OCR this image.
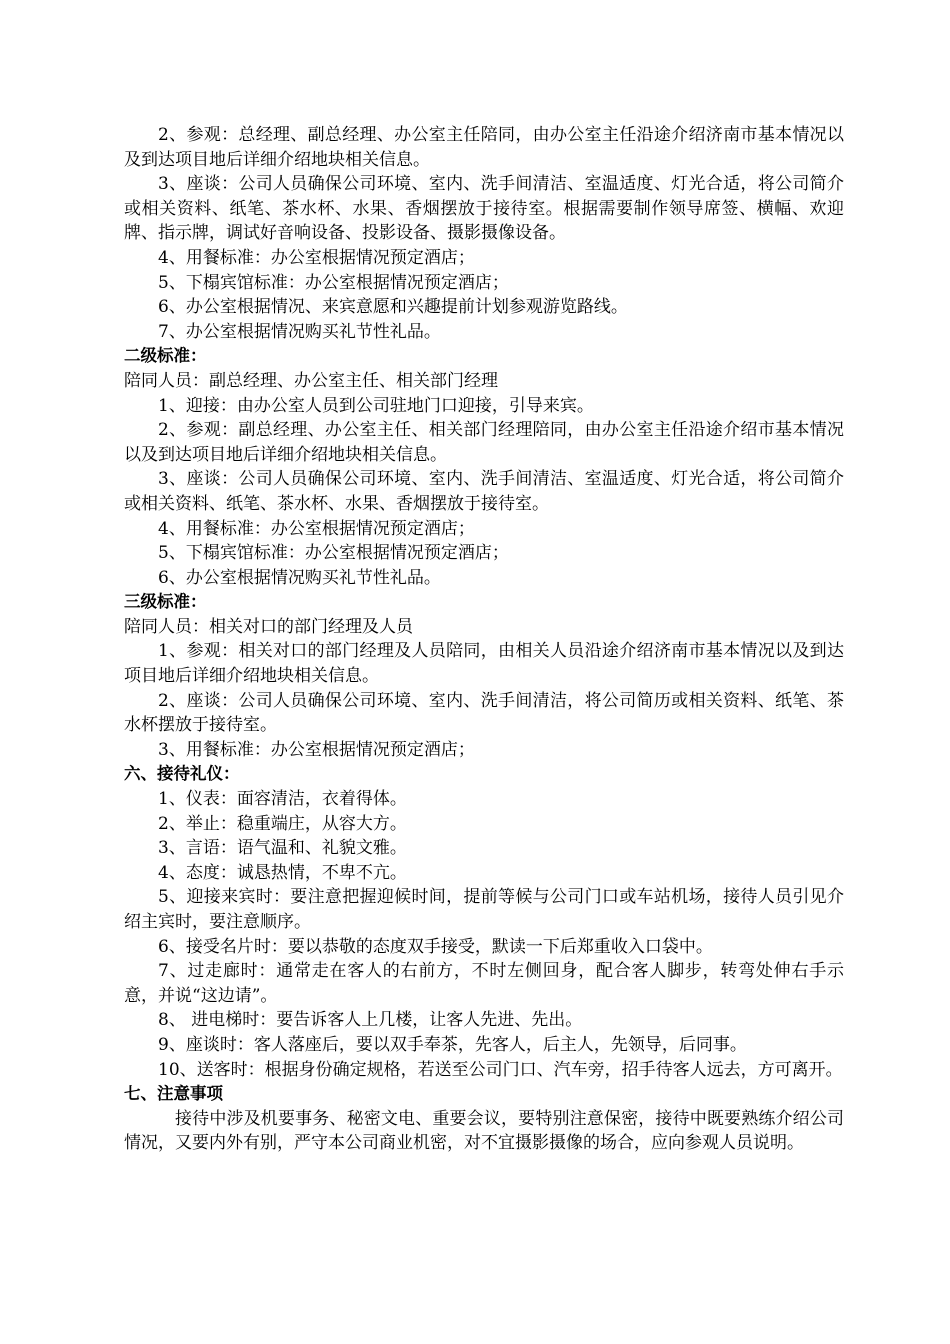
2、参观：总经理、副总经理、办公室主任陪同，由办公室主任沿途介绍济南市基本情况以及到达项目地后详细介绍地块相关信息。

3、座谈：公司人员确保公司环境、室内、洗手间清洁、室温适度、灯光合适，将公司简介或相关资料、纸笔、茶水杯、水果、香烟摆放于接待室。根据需要制作领导席签、横幅、欢迎牌、指示牌，调试好音响设备、投影设备、摄影摄像设备。

4、用餐标准：办公室根据情况预定酒店；

5、下榻宾馆标准：办公室根据情况预定酒店；

6、办公室根据情况、来宾意愿和兴趣提前计划参观游览路线。

7、办公室根据情况购买礼节性礼品。

二级标准：

陪同人员：副总经理、办公室主任、相关部门经理

1、迎接：由办公室人员到公司驻地门口迎接，引导来宾。

2、参观：副总经理、办公室主任、相关部门经理陪同，由办公室主任沿途介绍市基本情况以及到达项目地后详细介绍地块相关信息。

3、座谈：公司人员确保公司环境、室内、洗手间清洁、室温适度、灯光合适，将公司简介或相关资料、纸笔、茶水杯、水果、香烟摆放于接待室。

4、用餐标准：办公室根据情况预定酒店；

5、下榻宾馆标准：办公室根据情况预定酒店；

6、办公室根据情况购买礼节性礼品。

三级标准：

陪同人员：相关对口的部门经理及人员

1、参观：相关对口的部门经理及人员陪同，由相关人员沿途介绍济南市基本情况以及到达项目地后详细介绍地块相关信息。

2、座谈：公司人员确保公司环境、室内、洗手间清洁，将公司简历或相关资料、纸笔、茶水杯摆放于接待室。

3、用餐标准：办公室根据情况预定酒店；

六、接待礼仪：

1、仪表：面容清洁，衣着得体。

2、举止：稳重端庄，从容大方。

3、言语：语气温和、礼貌文雅。

4、态度：诚恳热情，不卑不亢。

5、迎接来宾时：要注意把握迎候时间，提前等候与公司门口或车站机场，接待人员引见介绍主宾时，要注意顺序。

6、接受名片时：要以恭敬的态度双手接受，默读一下后郑重收入口袋中。

7、过走廊时：通常走在客人的右前方，不时左侧回身，配合客人脚步，转弯处伸右手示意，并说“这边请”。

8、 进电梯时：要告诉客人上几楼，让客人先进、先出。

9、座谈时：客人落座后，要以双手奉茶，先客人，后主人，先领导，后同事。

10、送客时：根据身份确定规格，若送至公司门口、汽车旁，招手待客人远去，方可离开。

七、注意事项

接待中涉及机要事务、秘密文电、重要会议，要特别注意保密，接待中既要熟练介绍公司情况，又要内外有别，严守本公司商业机密，对不宜摄影摄像的场合，应向参观人员说明。
